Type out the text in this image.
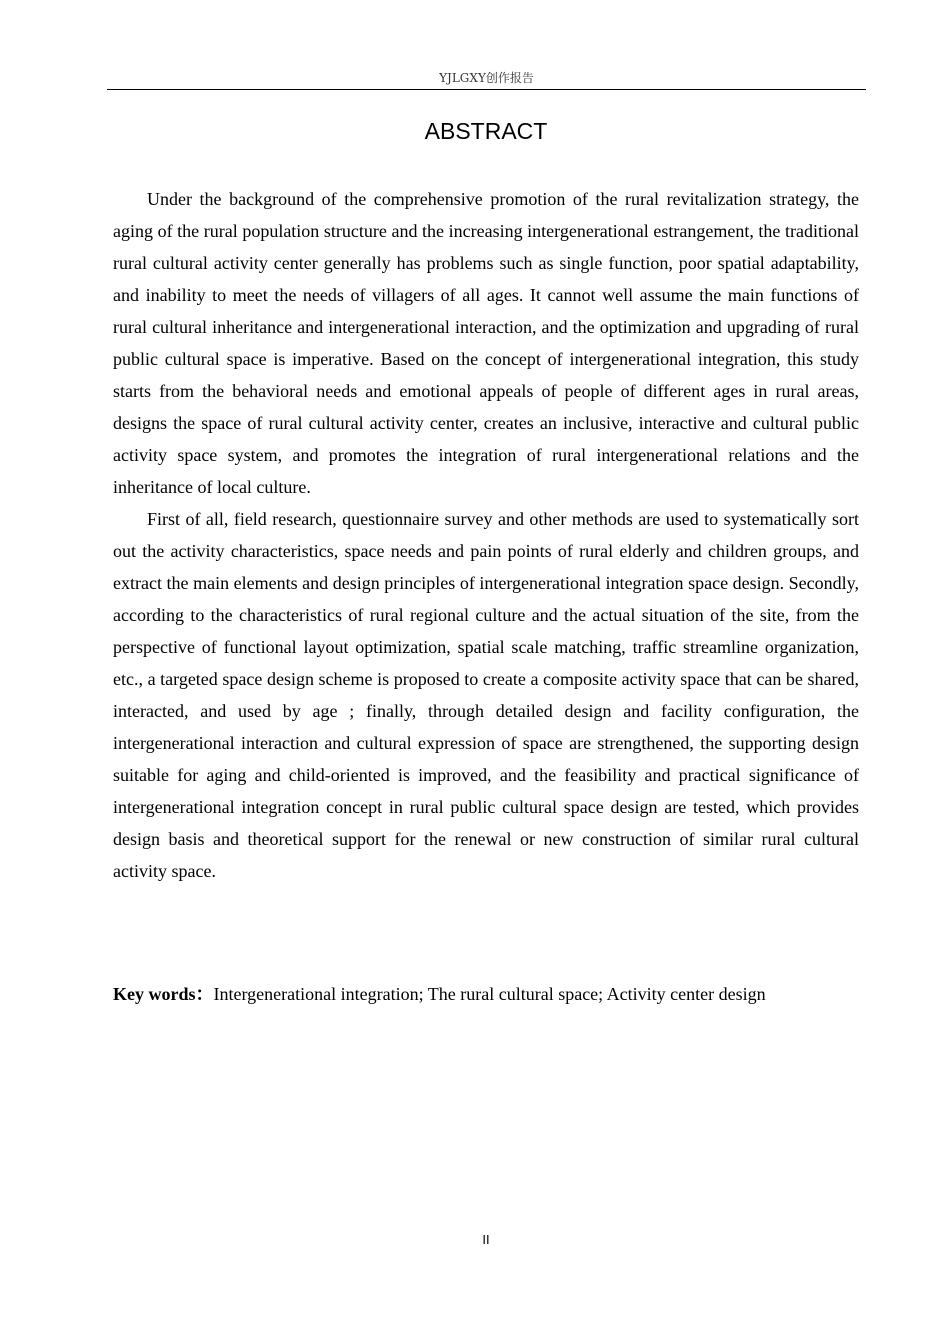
YJLGXY创作报告
ABSTRACT

Under the background of the comprehensive promotion of the rural revitalization strategy, the aging of the rural population structure and the increasing intergenerational estrangement, the traditional rural cultural activity center generally has problems such as single function, poor spatial adaptability, and inability to meet the needs of villagers of all ages. It cannot well assume the main functions of rural cultural inheritance and intergenerational interaction, and the optimization and upgrading of rural public cultural space is imperative. Based on the concept of intergenerational integration, this study starts from the behavioral needs and emotional appeals of people of different ages in rural areas, designs the space of rural cultural activity center, creates an inclusive, interactive and cultural public activity space system, and promotes the integration of rural intergenerational relations and the inheritance of local culture.

First of all, field research, questionnaire survey and other methods are used to systematically sort out the activity characteristics, space needs and pain points of rural elderly and children groups, and extract the main elements and design principles of intergenerational integration space design. Secondly, according to the characteristics of rural regional culture and the actual situation of the site, from the perspective of functional layout optimization, spatial scale matching, traffic streamline organization, etc., a targeted space design scheme is proposed to create a composite activity space that can be shared, interacted, and used by age ; finally, through detailed design and facility configuration, the intergenerational interaction and cultural expression of space are strengthened, the supporting design suitable for aging and child-oriented is improved, and the feasibility and practical significance of intergenerational integration concept in rural public cultural space design are tested, which provides design basis and theoretical support for the renewal or new construction of similar rural cultural activity space.

Key words：Intergenerational integration; The rural cultural space; Activity center design
II
